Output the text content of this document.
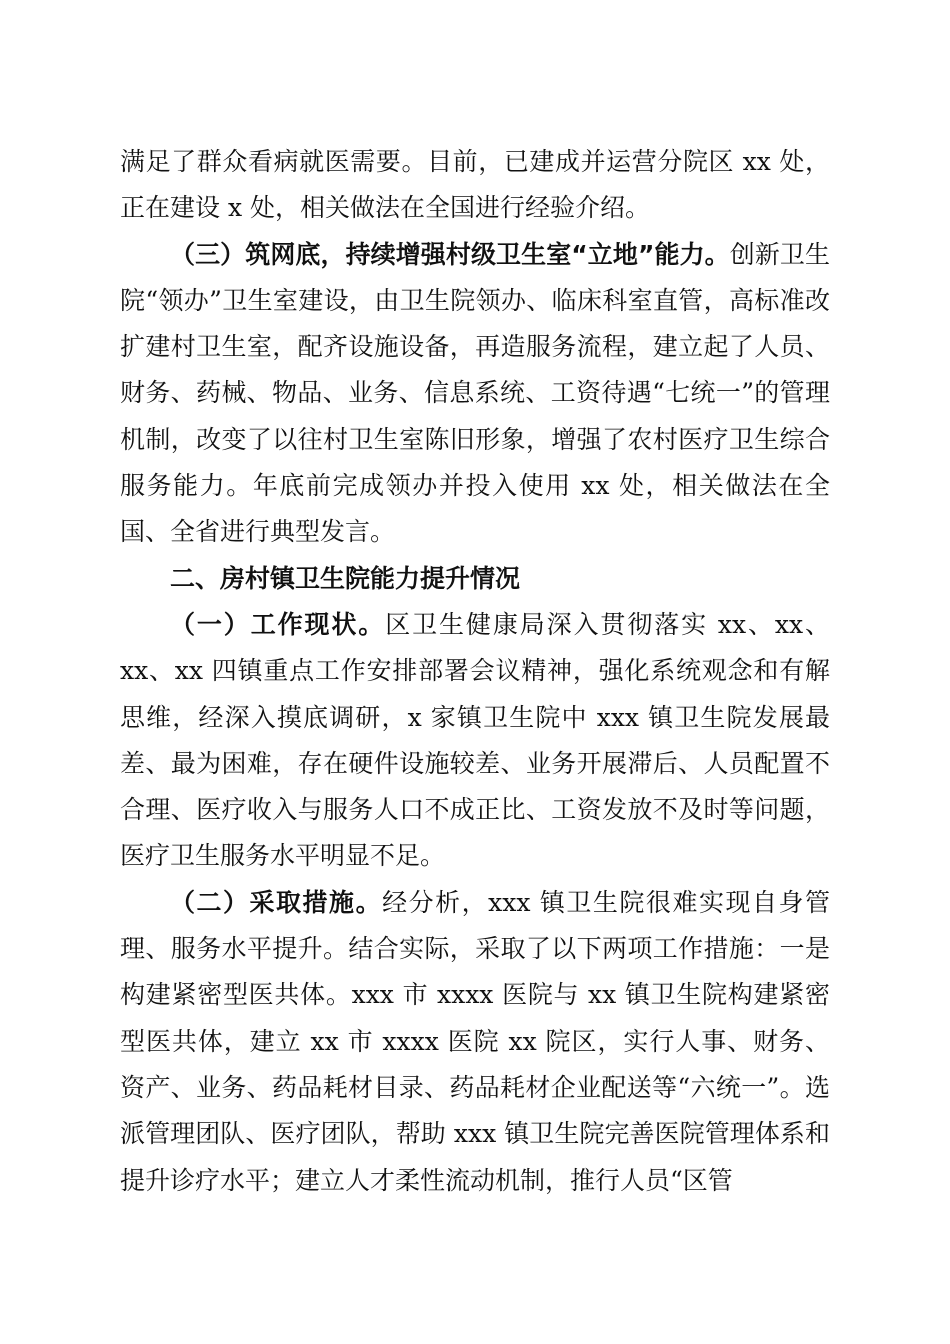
满足了群众看病就医需要。目前，已建成并运营分院区 xx 处，正在建设 x 处，相关做法在全国进行经验介绍。

（三）筑网底，持续增强村级卫生室“立地”能力。创新卫生院“领办”卫生室建设，由卫生院领办、临床科室直管，高标准改扩建村卫生室，配齐设施设备，再造服务流程，建立起了人员、财务、药械、物品、业务、信息系统、工资待遇“七统一”的管理机制，改变了以往村卫生室陈旧形象，增强了农村医疗卫生综合服务能力。年底前完成领办并投入使用 xx 处，相关做法在全国、全省进行典型发言。

二、房村镇卫生院能力提升情况

（一）工作现状。区卫生健康局深入贯彻落实 xx、xx、xx、xx 四镇重点工作安排部署会议精神，强化系统观念和有解思维，经深入摸底调研，x 家镇卫生院中 xxx 镇卫生院发展最差、最为困难，存在硬件设施较差、业务开展滞后、人员配置不合理、医疗收入与服务人口不成正比、工资发放不及时等问题，医疗卫生服务水平明显不足。

（二）采取措施。经分析，xxx 镇卫生院很难实现自身管理、服务水平提升。结合实际，采取了以下两项工作措施：一是构建紧密型医共体。xxx 市 xxxx 医院与 xx 镇卫生院构建紧密型医共体，建立 xx 市 xxxx 医院 xx 院区，实行人事、财务、资产、业务、药品耗材目录、药品耗材企业配送等“六统一”。选派管理团队、医疗团队，帮助 xxx 镇卫生院完善医院管理体系和提升诊疗水平；建立人才柔性流动机制，推行人员“区管
